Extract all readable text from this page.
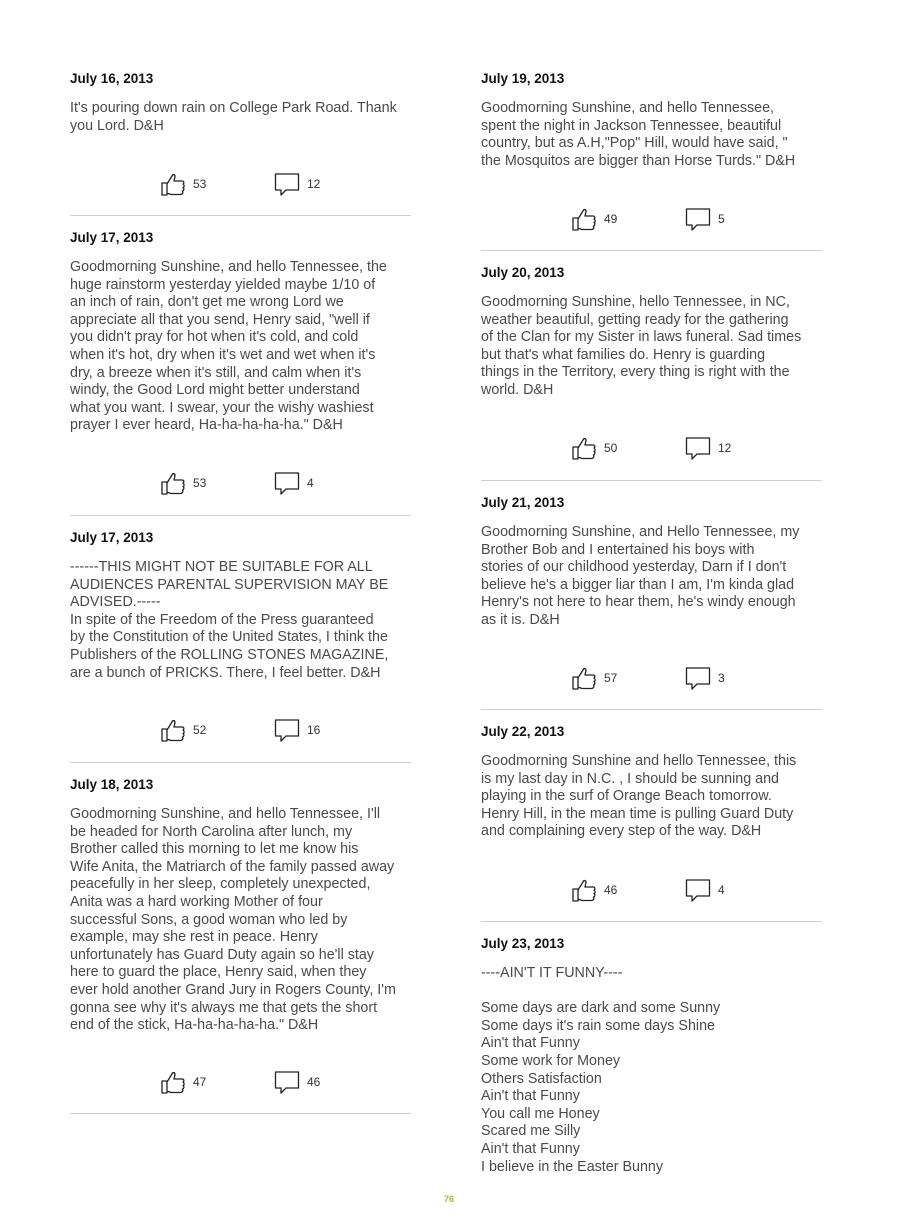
July 16, 2013

It's pouring down rain on College Park Road. Thank
you Lord. D&H

53	12

July 17, 2013

Goodmorning Sunshine, and hello Tennessee, the
huge rainstorm yesterday yielded maybe 1/10 of
an inch of rain, don't get me wrong Lord we
appreciate all that you send, Henry said, "well if
you didn't pray for hot when it's cold, and cold
when it's hot, dry when it's wet and wet when it's
dry, a breeze when it's still, and calm when it's
windy, the Good Lord might better understand
what you want. I swear, your the wishy washiest
prayer I ever heard, Ha-ha-ha-ha-ha." D&H

53	4

July 17, 2013

------THIS MIGHT NOT BE SUITABLE FOR ALL
AUDIENCES PARENTAL SUPERVISION MAY BE
ADVISED.-----
In spite of the Freedom of the Press guaranteed
by the Constitution of the United States, I think the
Publishers of the ROLLING STONES MAGAZINE,
are a bunch of PRICKS. There, I feel better. D&H

52	16

July 18, 2013

Goodmorning Sunshine, and hello Tennessee, I'll
be headed for North Carolina after lunch, my
Brother called this morning to let me know his
Wife Anita, the Matriarch of the family passed away
peacefully in her sleep, completely unexpected,
Anita was a hard working Mother of four
successful Sons, a good woman who led by
example, may she rest in peace. Henry
unfortunately has Guard Duty again so he'll stay
here to guard the place, Henry said, when they
ever hold another Grand Jury in Rogers County, I'm
gonna see why it's always me that gets the short
end of the stick, Ha-ha-ha-ha-ha." D&H

47	46

July 19, 2013

Goodmorning Sunshine, and hello Tennessee,
spent the night in Jackson Tennessee, beautiful
country, but as A.H,"Pop" Hill, would have said, "
the Mosquitos are bigger than Horse Turds." D&H

49	5

July 20, 2013

Goodmorning Sunshine, hello Tennessee, in NC,
weather beautiful, getting ready for the gathering
of the Clan for my Sister in laws funeral. Sad times
but that's what families do. Henry is guarding
things in the Territory, every thing is right with the
world. D&H

50	12

July 21, 2013

Goodmorning Sunshine, and Hello Tennessee, my
Brother Bob and I entertained his boys with
stories of our childhood yesterday, Darn if I don't
believe he's a bigger liar than I am, I'm kinda glad
Henry's not here to hear them, he's windy enough
as it is. D&H

57	3

July 22, 2013

Goodmorning Sunshine and hello Tennessee, this
is my last day in N.C. , I should be sunning and
playing in the surf of Orange Beach tomorrow.
Henry Hill, in the mean time is pulling Guard Duty
and complaining every step of the way. D&H

46	4

July 23, 2013

----AIN'T IT FUNNY----

Some days are dark and some Sunny
Some days it's rain some days Shine
Ain't that Funny
Some work for Money
Others Satisfaction
Ain't that Funny
You call me Honey
Scared me Silly
Ain't that Funny
I believe in the Easter Bunny

76
